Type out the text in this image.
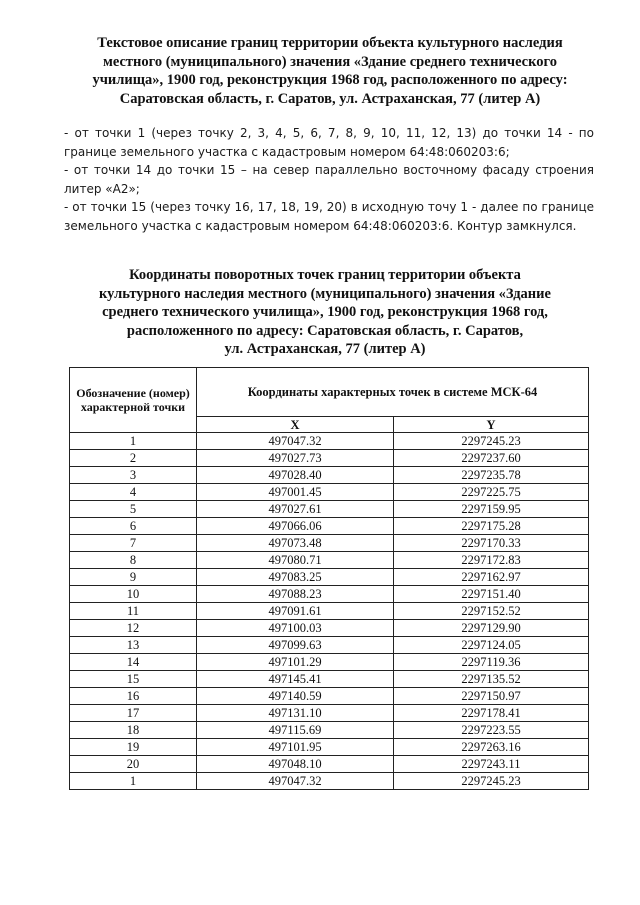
Текстовое описание границ территории объекта культурного наследия
местного (муниципального) значения «Здание среднего технического
училища», 1900 год, реконструкция 1968 год, расположенного по адресу:
Саратовская область, г. Саратов, ул. Астраханская, 77 (литер А)

- от точки 1 (через точку 2, 3, 4, 5, 6, 7, 8, 9, 10, 11, 12, 13) до точки 14 - по границе земельного участка с кадастровым номером 64:48:060203:6;

- от точки 14 до точки 15 – на север параллельно восточному фасаду строения литер «А2»;

- от точки 15 (через точку 16, 17, 18, 19, 20) в исходную точу 1 - далее по границе земельного участка с кадастровым номером 64:48:060203:6. Контур замкнулся.

Координаты поворотных точек границ территории объекта
культурного наследия местного (муниципального) значения «Здание
среднего технического училища», 1900 год, реконструкция 1968 год,
расположенного по адресу: Саратовская область, г. Саратов,
ул. Астраханская, 77 (литер А)
Обозначение (номер) характерной точки	Координаты характерных точек в системе МСК-64	
	X	Y
1	497047.32	2297245.23
2	497027.73	2297237.60
3	497028.40	2297235.78
4	497001.45	2297225.75
5	497027.61	2297159.95
6	497066.06	2297175.28
7	497073.48	2297170.33
8	497080.71	2297172.83
9	497083.25	2297162.97
10	497088.23	2297151.40
11	497091.61	2297152.52
12	497100.03	2297129.90
13	497099.63	2297124.05
14	497101.29	2297119.36
15	497145.41	2297135.52
16	497140.59	2297150.97
17	497131.10	2297178.41
18	497115.69	2297223.55
19	497101.95	2297263.16
20	497048.10	2297243.11
1	497047.32	2297245.23
